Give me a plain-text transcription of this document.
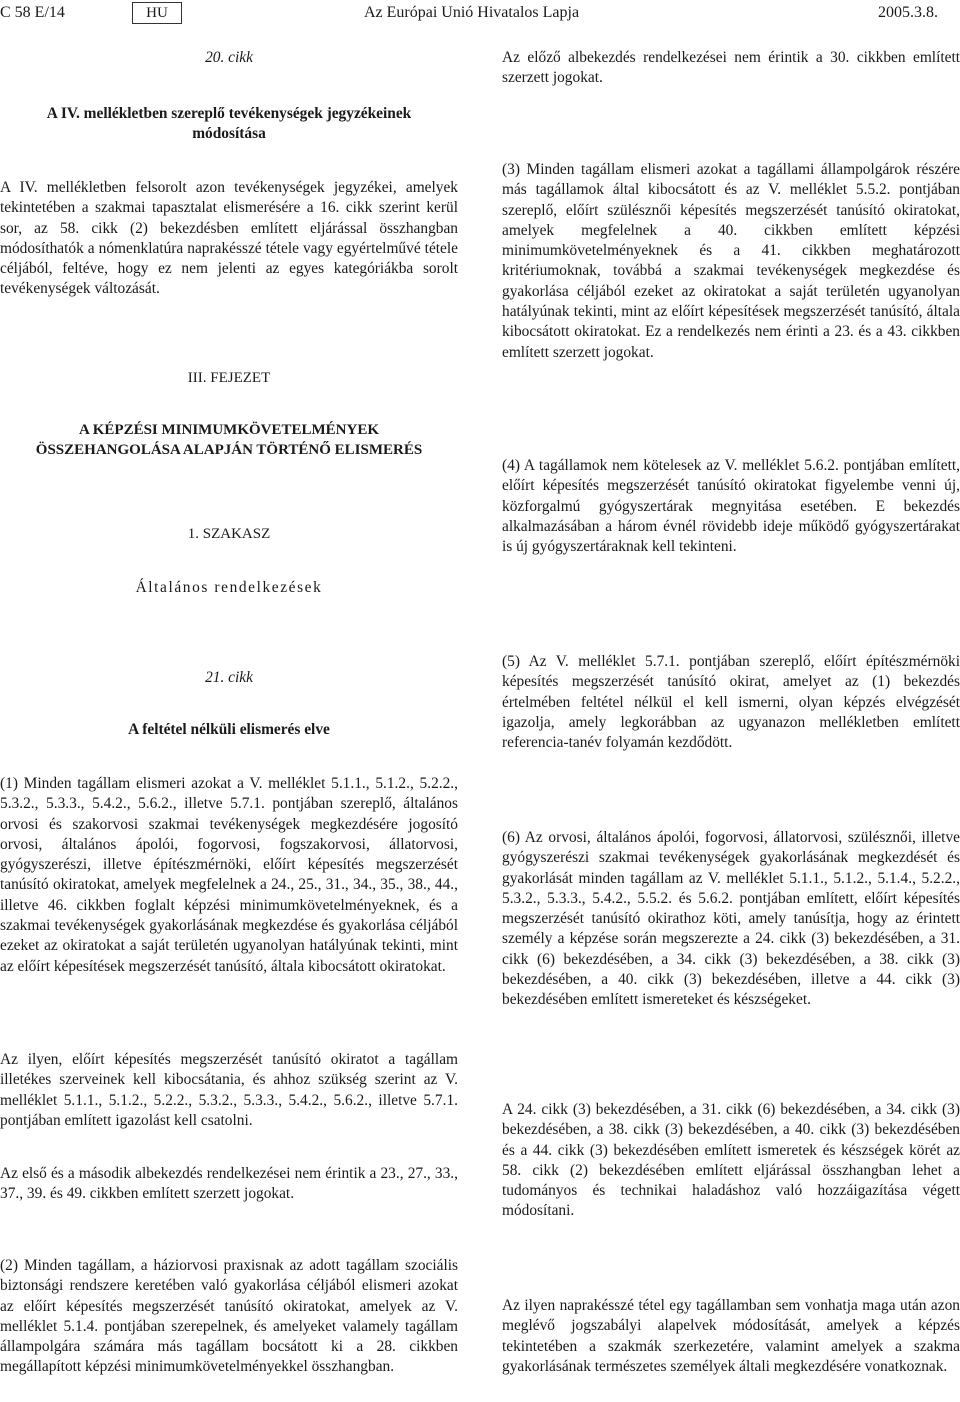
C 58 E/14	HU	Az Európai Unió Hivatalos Lapja	2005.3.8.
20. cikk
A IV. mellékletben szereplő tevékenységek jegyzékeinek módosítása
A IV. mellékletben felsorolt azon tevékenységek jegyzékei, amelyek tekintetében a szakmai tapasztalat elismerésére a 16. cikk szerint kerül sor, az 58. cikk (2) bekezdésben említett eljárással összhangban módosíthatók a nómenklatúra naprakésszé tétele vagy egyértelművé tétele céljából, feltéve, hogy ez nem jelenti az egyes kategóriákba sorolt tevékenységek változását.
III. FEJEZET
A KÉPZÉSI MINIMUMKÖVETELMÉNYEK ÖSSZEHANGOLÁSA ALAPJÁN TÖRTÉNŐ ELISMERÉS
1. SZAKASZ
Általános rendelkezések
21. cikk
A feltétel nélküli elismerés elve
(1) Minden tagállam elismeri azokat a V. melléklet 5.1.1., 5.1.2., 5.2.2., 5.3.2., 5.3.3., 5.4.2., 5.6.2., illetve 5.7.1. pontjában szereplő, általános orvosi és szakorvosi szakmai tevékenységek megkezdésére jogosító orvosi, általános ápolói, fogorvosi, fogszakorvosi, állatorvosi, gyógyszerészi, illetve építészmérnöki, előírt képesítés megszerzését tanúsító okiratokat, amelyek megfelelnek a 24., 25., 31., 34., 35., 38., 44., illetve 46. cikkben foglalt képzési minimumkövetelményeknek, és a szakmai tevékenységek gyakorlásának megkezdése és gyakorlása céljából ezeket az okiratokat a saját területén ugyanolyan hatályúnak tekinti, mint az előírt képesítések megszerzését tanúsító, általa kibocsátott okiratokat.
Az ilyen, előírt képesítés megszerzését tanúsító okiratot a tagállam illetékes szerveinek kell kibocsátania, és ahhoz szükség szerint az V. melléklet 5.1.1., 5.1.2., 5.2.2., 5.3.2., 5.3.3., 5.4.2., 5.6.2., illetve 5.7.1. pontjában említett igazolást kell csatolni.
Az első és a második albekezdés rendelkezései nem érintik a 23., 27., 33., 37., 39. és 49. cikkben említett szerzett jogokat.
(2) Minden tagállam, a háziorvosi praxisnak az adott tagállam szociális biztonsági rendszere keretében való gyakorlása céljából elismeri azokat az előírt képesítés megszerzését tanúsító okiratokat, amelyek az V. melléklet 5.1.4. pontjában szerepelnek, és amelyeket valamely tagállam állampolgára számára más tagállam bocsátott ki a 28. cikkben megállapított képzési minimumkövetelményekkel összhangban.
Az előző albekezdés rendelkezései nem érintik a 30. cikkben említett szerzett jogokat.
(3) Minden tagállam elismeri azokat a tagállami állampolgárok részére más tagállamok által kibocsátott és az V. melléklet 5.5.2. pontjában szereplő, előírt szülésznői képesítés megszerzését tanúsító okiratokat, amelyek megfelelnek a 40. cikkben említett képzési minimumkövetelményeknek és a 41. cikkben meghatározott kritériumoknak, továbbá a szakmai tevékenységek megkezdése és gyakorlása céljából ezeket az okiratokat a saját területén ugyanolyan hatályúnak tekinti, mint az előírt képesítések megszerzését tanúsító, általa kibocsátott okiratokat. Ez a rendelkezés nem érinti a 23. és a 43. cikkben említett szerzett jogokat.
(4) A tagállamok nem kötelesek az V. melléklet 5.6.2. pontjában említett, előírt képesítés megszerzését tanúsító okiratokat figyelembe venni új, közforgalmú gyógyszertárak megnyitása esetében. E bekezdés alkalmazásában a három évnél rövidebb ideje működő gyógyszertárakat is új gyógyszertáraknak kell tekinteni.
(5) Az V. melléklet 5.7.1. pontjában szereplő, előírt építészmérnöki képesítés megszerzését tanúsító okirat, amelyet az (1) bekezdés értelmében feltétel nélkül el kell ismerni, olyan képzés elvégzését igazolja, amely legkorábban az ugyanazon mellékletben említett referencia-tanév folyamán kezdődött.
(6) Az orvosi, általános ápolói, fogorvosi, állatorvosi, szülésznői, illetve gyógyszerészi szakmai tevékenységek gyakorlásának megkezdését és gyakorlását minden tagállam az V. melléklet 5.1.1., 5.1.2., 5.1.4., 5.2.2., 5.3.2., 5.3.3., 5.4.2., 5.5.2. és 5.6.2. pontjában említett, előírt képesítés megszerzését tanúsító okirathoz köti, amely tanúsítja, hogy az érintett személy a képzése során megszerezte a 24. cikk (3) bekezdésében, a 31. cikk (6) bekezdésében, a 34. cikk (3) bekezdésében, a 38. cikk (3) bekezdésében, a 40. cikk (3) bekezdésében, illetve a 44. cikk (3) bekezdésében említett ismereteket és készségeket.
A 24. cikk (3) bekezdésében, a 31. cikk (6) bekezdésében, a 34. cikk (3) bekezdésében, a 38. cikk (3) bekezdésében, a 40. cikk (3) bekezdésében és a 44. cikk (3) bekezdésében említett ismeretek és készségek körét az 58. cikk (2) bekezdésében említett eljárással összhangban lehet a tudományos és technikai haladáshoz való hozzáigazítása végett módosítani.
Az ilyen naprakésszé tétel egy tagállamban sem vonhatja maga után azon meglévő jogszabályi alapelvek módosítását, amelyek a képzés tekintetében a szakmák szerkezetére, valamint amelyek a szakma gyakorlásának természetes személyek általi megkezdésére vonatkoznak.
